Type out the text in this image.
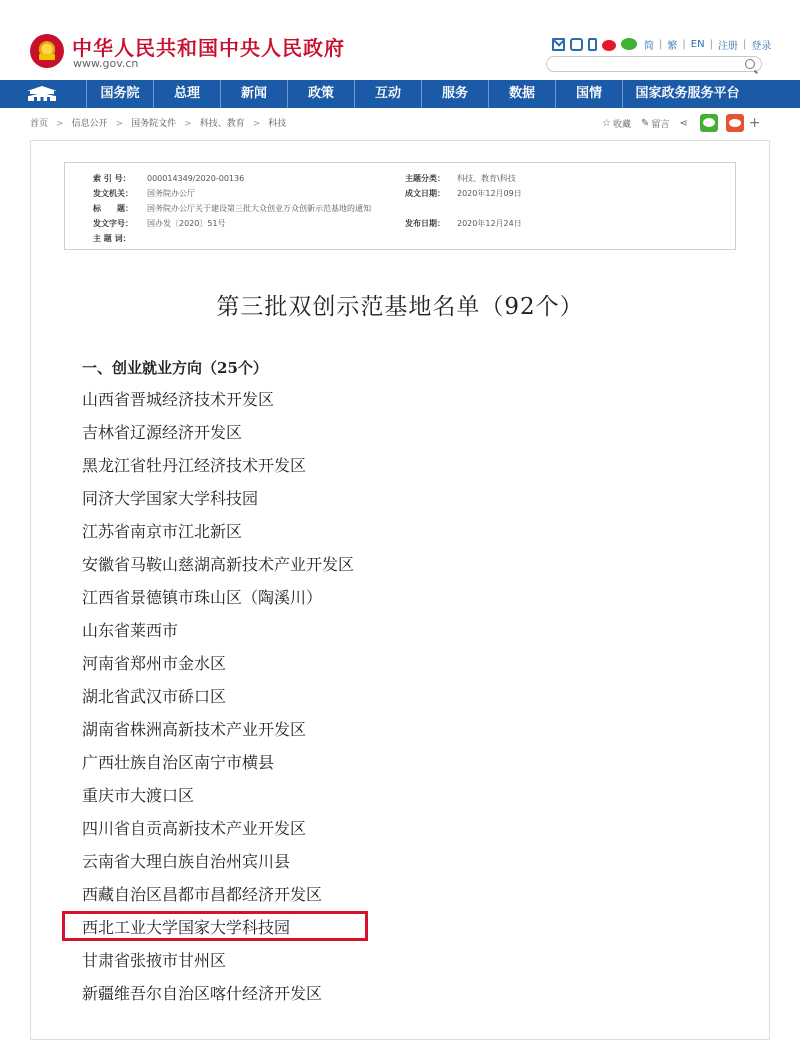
中华人民共和国中央人民政府
www.gov.cn
简 | 繁 | EN | 注册 | 登录
国务院	总理	新闻	政策	互动	服务	数据	国情	国家政务服务平台
首页 > 信息公开 > 国务院文件 > 科技、教育 > 科技	☆ 收藏 ✎ 留言 ⋖	+
索 引 号： 000014349/2020-00136	主题分类： 科技、教育\科技
发文机关： 国务院办公厅	成文日期： 2020年12月09日
标　　题： 国务院办公厅关于建设第三批大众创业万众创新示范基地的通知
发文字号： 国办发〔2020〕51号	发布日期： 2020年12月24日
主 题 词：
第三批双创示范基地名单（92个）
一、创业就业方向（25个）
山西省晋城经济技术开发区
吉林省辽源经济开发区
黑龙江省牡丹江经济技术开发区
同济大学国家大学科技园
江苏省南京市江北新区
安徽省马鞍山慈湖高新技术产业开发区
江西省景德镇市珠山区（陶溪川）
山东省莱西市
河南省郑州市金水区
湖北省武汉市硚口区
湖南省株洲高新技术产业开发区
广西壮族自治区南宁市横县
重庆市大渡口区
四川省自贡高新技术产业开发区
云南省大理白族自治州宾川县
西藏自治区昌都市昌都经济开发区
西北工业大学国家大学科技园
甘肃省张掖市甘州区
新疆维吾尔自治区喀什经济开发区
